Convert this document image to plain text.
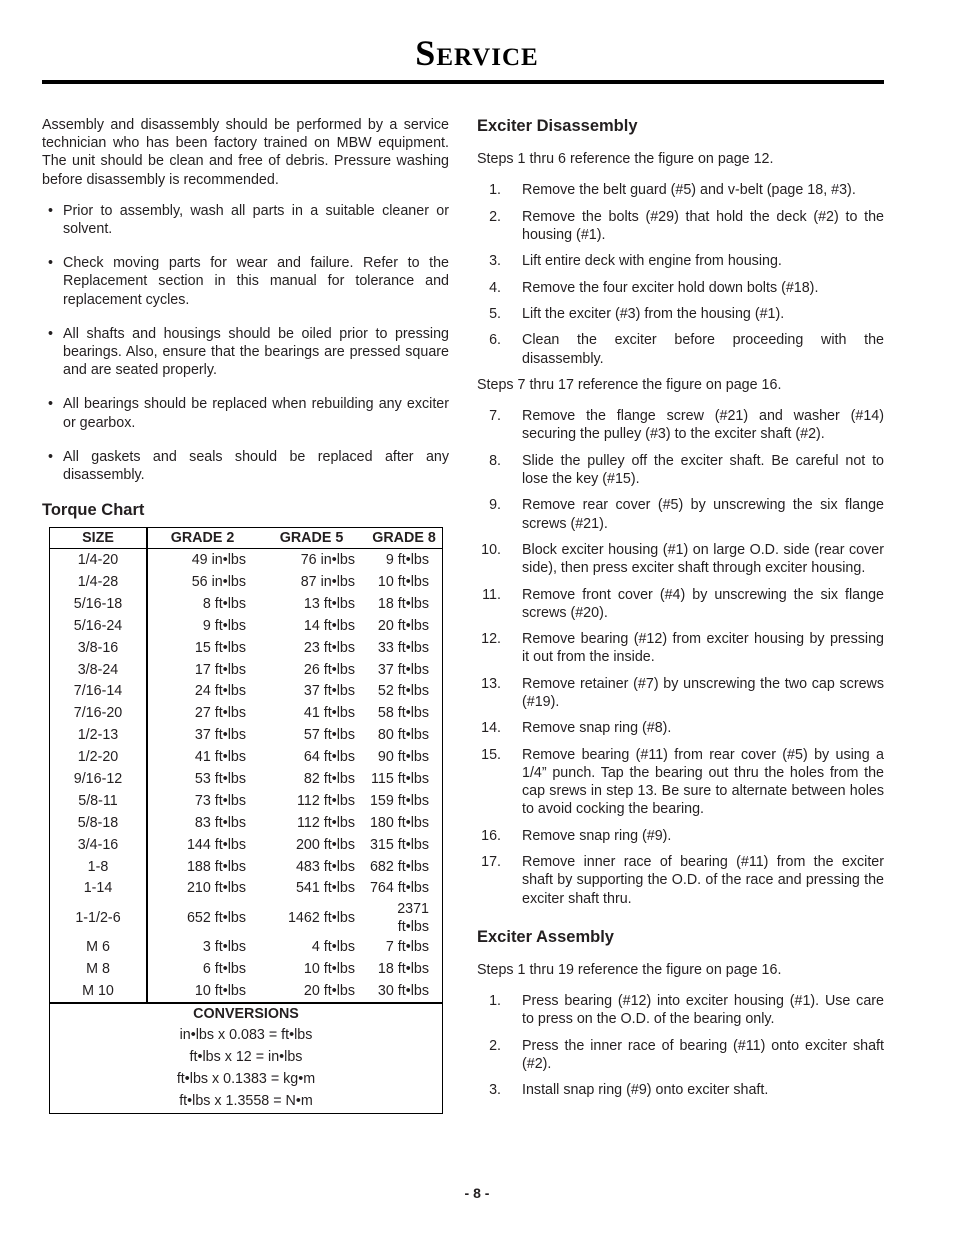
Service

Assembly and disassembly should be performed by a service technician who has been factory trained on MBW equipment. The unit should be clean and free of debris. Pressure washing before disassembly is recommended.

• Prior to assembly, wash all parts in a suitable cleaner or solvent.
• Check moving parts for wear and failure. Refer to the Replacement section in this manual for tolerance and replacement cycles.
• All shafts and housings should be oiled prior to pressing bearings. Also, ensure that the bearings are pressed square and are seated properly.
• All bearings should be replaced when rebuilding any exciter or gearbox.
• All gaskets and seals should be replaced after any disassembly.
Torque Chart
SIZE	GRADE 2	GRADE 5	GRADE 8
1/4-20	49 in•lbs	76 in•lbs	9 ft•lbs
1/4-28	56 in•lbs	87 in•lbs	10 ft•lbs
5/16-18	8 ft•lbs	13 ft•lbs	18 ft•lbs
5/16-24	9 ft•lbs	14 ft•lbs	20 ft•lbs
3/8-16	15 ft•lbs	23 ft•lbs	33 ft•lbs
3/8-24	17 ft•lbs	26 ft•lbs	37 ft•lbs
7/16-14	24 ft•lbs	37 ft•lbs	52 ft•lbs
7/16-20	27 ft•lbs	41 ft•lbs	58 ft•lbs
1/2-13	37 ft•lbs	57 ft•lbs	80 ft•lbs
1/2-20	41 ft•lbs	64 ft•lbs	90 ft•lbs
9/16-12	53 ft•lbs	82 ft•lbs	115 ft•lbs
5/8-11	73 ft•lbs	112 ft•lbs	159 ft•lbs
5/8-18	83 ft•lbs	112 ft•lbs	180 ft•lbs
3/4-16	144 ft•lbs	200 ft•lbs	315 ft•lbs
1-8	188 ft•lbs	483 ft•lbs	682 ft•lbs
1-14	210 ft•lbs	541 ft•lbs	764 ft•lbs
1-1/2-6	652 ft•lbs	1462 ft•lbs	2371 ft•lbs
M 6	3 ft•lbs	4 ft•lbs	7 ft•lbs
M 8	6 ft•lbs	10 ft•lbs	18 ft•lbs
M 10	10 ft•lbs	20 ft•lbs	30 ft•lbs
CONVERSIONS
in•lbs x 0.083 = ft•lbs
ft•lbs x 12 = in•lbs
ft•lbs x 0.1383 = kg•m
ft•lbs x 1.3558 = N•m
Exciter Disassembly

Steps 1 thru 6 reference the figure on page 12.

1. Remove the belt guard (#5) and v-belt (page 18, #3).
2. Remove the bolts (#29) that hold the deck (#2) to the housing (#1).
3. Lift entire deck with engine from housing.
4. Remove the four exciter hold down bolts (#18).
5. Lift the exciter (#3) from the housing (#1).
6. Clean the exciter before proceeding with the disassembly.

Steps 7 thru 17 reference the figure on page 16.

7. Remove the flange screw (#21) and washer (#14) securing the pulley (#3) to the exciter shaft (#2).
8. Slide the pulley off the exciter shaft. Be careful not to lose the key (#15).
9. Remove rear cover (#5) by unscrewing the six flange screws (#21).
10. Block exciter housing (#1) on large O.D. side (rear cover side), then press exciter shaft through exciter housing.
11. Remove front cover (#4) by unscrewing the six flange screws (#20).
12. Remove bearing (#12) from exciter housing by pressing it out from the inside.
13. Remove retainer (#7) by unscrewing the two cap screws (#19).
14. Remove snap ring (#8).
15. Remove bearing (#11) from rear cover (#5) by using a 1/4” punch. Tap the bearing out thru the holes from the cap srews in step 13. Be sure to alternate between holes to avoid cocking the bearing.
16. Remove snap ring (#9).
17. Remove inner race of bearing (#11) from the exciter shaft by supporting the O.D. of the race and pressing the exciter shaft thru.
Exciter Assembly

Steps 1 thru 19 reference the figure on page 16.

1. Press bearing (#12) into exciter housing (#1). Use care to press on the O.D. of the bearing only.
2. Press the inner race of bearing (#11) onto exciter shaft (#2).
3. Install snap ring (#9) onto exciter shaft.
- 8 -
